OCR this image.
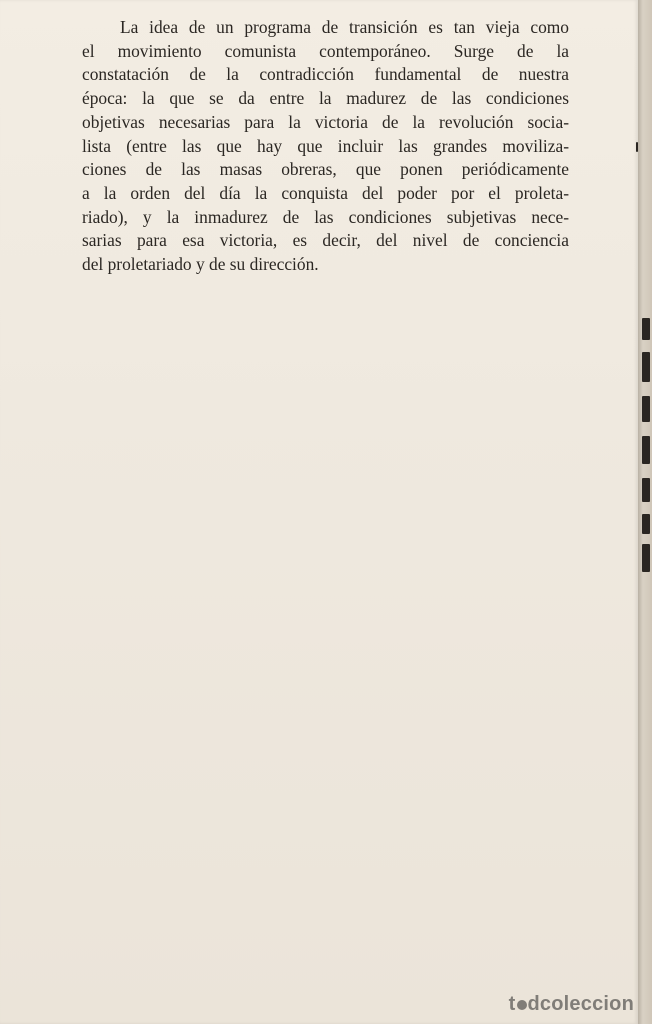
La idea de un programa de transición es tan vieja como
el movimiento comunista contemporáneo. Surge de la
constatación de la contradicción fundamental de nuestra
época: la que se da entre la madurez de las condiciones
objetivas necesarias para la victoria de la revolución socia-
lista (entre las que hay que incluir las grandes moviliza-
ciones de las masas obreras, que ponen periódicamente
a la orden del día la conquista del poder por el proleta-
riado), y la inmadurez de las condiciones subjetivas nece-
sarias para esa victoria, es decir, del nivel de conciencia
del proletariado y de su dirección.

t dcoleccion
